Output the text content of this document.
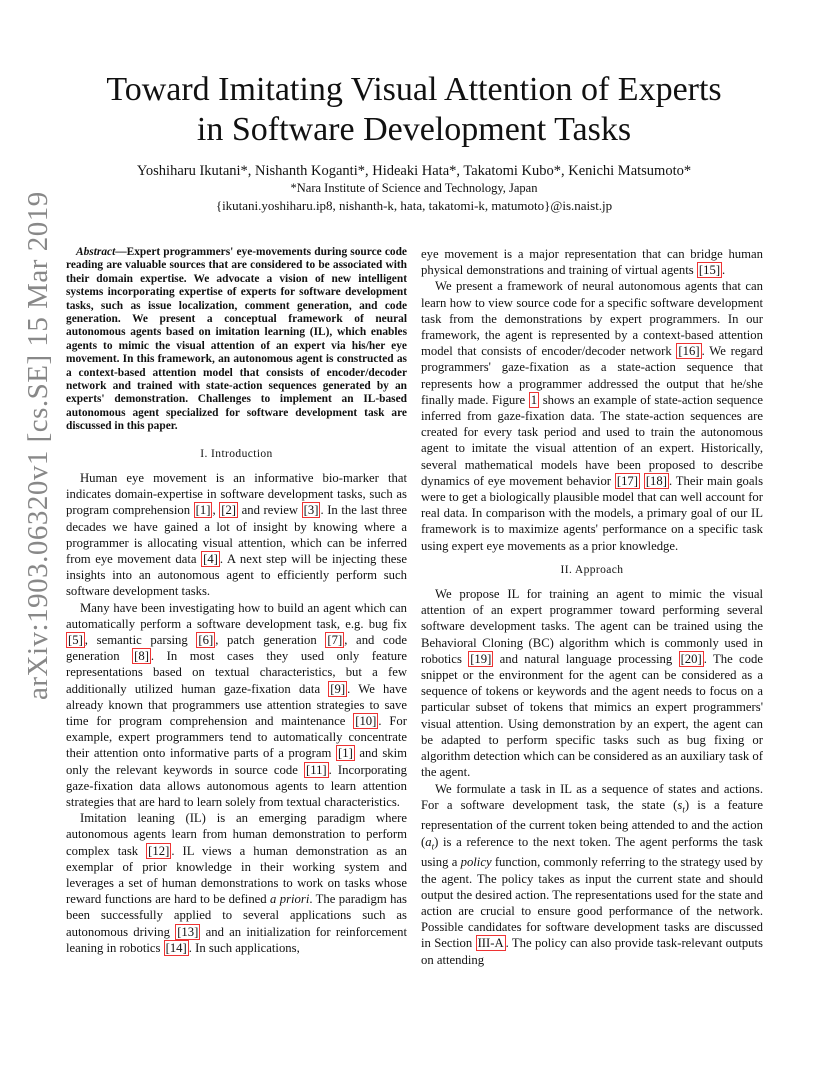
arXiv:1903.06320v1 [cs.SE] 15 Mar 2019
Toward Imitating Visual Attention of Experts
in Software Development Tasks
Yoshiharu Ikutani*, Nishanth Koganti*, Hideaki Hata*, Takatomi Kubo*, Kenichi Matsumoto*
*Nara Institute of Science and Technology, Japan
{ikutani.yoshiharu.ip8, nishanth-k, hata, takatomi-k, matumoto}@is.naist.jp
Abstract—Expert programmers' eye-movements during source code reading are valuable sources that are considered to be associated with their domain expertise. We advocate a vision of new intelligent systems incorporating expertise of experts for software development tasks, such as issue localization, comment generation, and code generation. We present a conceptual framework of neural autonomous agents based on imitation learning (IL), which enables agents to mimic the visual attention of an expert via his/her eye movement. In this framework, an autonomous agent is constructed as a context-based attention model that consists of encoder/decoder network and trained with state-action sequences generated by an experts' demonstration. Challenges to implement an IL-based autonomous agent specialized for software development task are discussed in this paper.
I. Introduction

Human eye movement is an informative bio-marker that indicates domain-expertise in software development tasks, such as program comprehension [1] , [2] and review [3] . In the last three decades we have gained a lot of insight by knowing where a programmer is allocating visual attention, which can be inferred from eye movement data [4] . A next step will be injecting these insights into an autonomous agent to efficiently perform such software development tasks.

Many have been investigating how to build an agent which can automatically perform a software development task, e.g. bug fix [5] , semantic parsing [6] , patch generation [7] , and code generation [8] . In most cases they used only feature representations based on textual characteristics, but a few additionally utilized human gaze-fixation data [9] . We have already known that programmers use attention strategies to save time for program comprehension and maintenance [10] . For example, expert programmers tend to automatically concentrate their attention onto informative parts of a program [1] and skim only the relevant keywords in source code [11] . Incorporating gaze-fixation data allows autonomous agents to learn attention strategies that are hard to learn solely from textual characteristics.

Imitation leaning (IL) is an emerging paradigm where autonomous agents learn from human demonstration to perform complex task [12] . IL views a human demonstration as an exemplar of prior knowledge in their working system and leverages a set of human demonstrations to work on tasks whose reward functions are hard to be defined a priori. The paradigm has been successfully applied to several applications such as autonomous driving [13] and an initialization for reinforcement leaning in robotics [14] . In such applications,

eye movement is a major representation that can bridge human physical demonstrations and training of virtual agents [15] .

We present a framework of neural autonomous agents that can learn how to view source code for a specific software development task from the demonstrations by expert programmers. In our framework, the agent is represented by a context-based attention model that consists of encoder/decoder network [16] . We regard programmers' gaze-fixation as a state-action sequence that represents how a programmer addressed the output that he/she finally made. Figure 1 shows an example of state-action sequence inferred from gaze-fixation data. The state-action sequences are created for every task period and used to train the autonomous agent to imitate the visual attention of an expert. Historically, several mathematical models have been proposed to describe dynamics of eye movement behavior [17] [18] . Their main goals were to get a biologically plausible model that can well account for real data. In comparison with the models, a primary goal of our IL framework is to maximize agents' performance on a specific task using expert eye movements as a prior knowledge.

II. Approach

We propose IL for training an agent to mimic the visual attention of an expert programmer toward performing several software development tasks. The agent can be trained using the Behavioral Cloning (BC) algorithm which is commonly used in robotics [19] and natural language processing [20] . The code snippet or the environment for the agent can be considered as a sequence of tokens or keywords and the agent needs to focus on a particular subset of tokens that mimics an expert programmers' visual attention. Using demonstration by an expert, the agent can be adapted to perform specific tasks such as bug fixing or algorithm detection which can be considered as an auxiliary task of the agent.

We formulate a task in IL as a sequence of states and actions. For a software development task, the state $(s_t)$ is a feature representation of the current token being attended to and the action $(a_t)$ is a reference to the next token. The agent performs the task using a policy function, commonly referring to the strategy used by the agent. The policy takes as input the current state and should output the desired action. The representations used for the state and action are crucial to ensure good performance of the network. Possible candidates for software development tasks are discussed in Section III-A . The policy can also provide task-relevant outputs on attending
